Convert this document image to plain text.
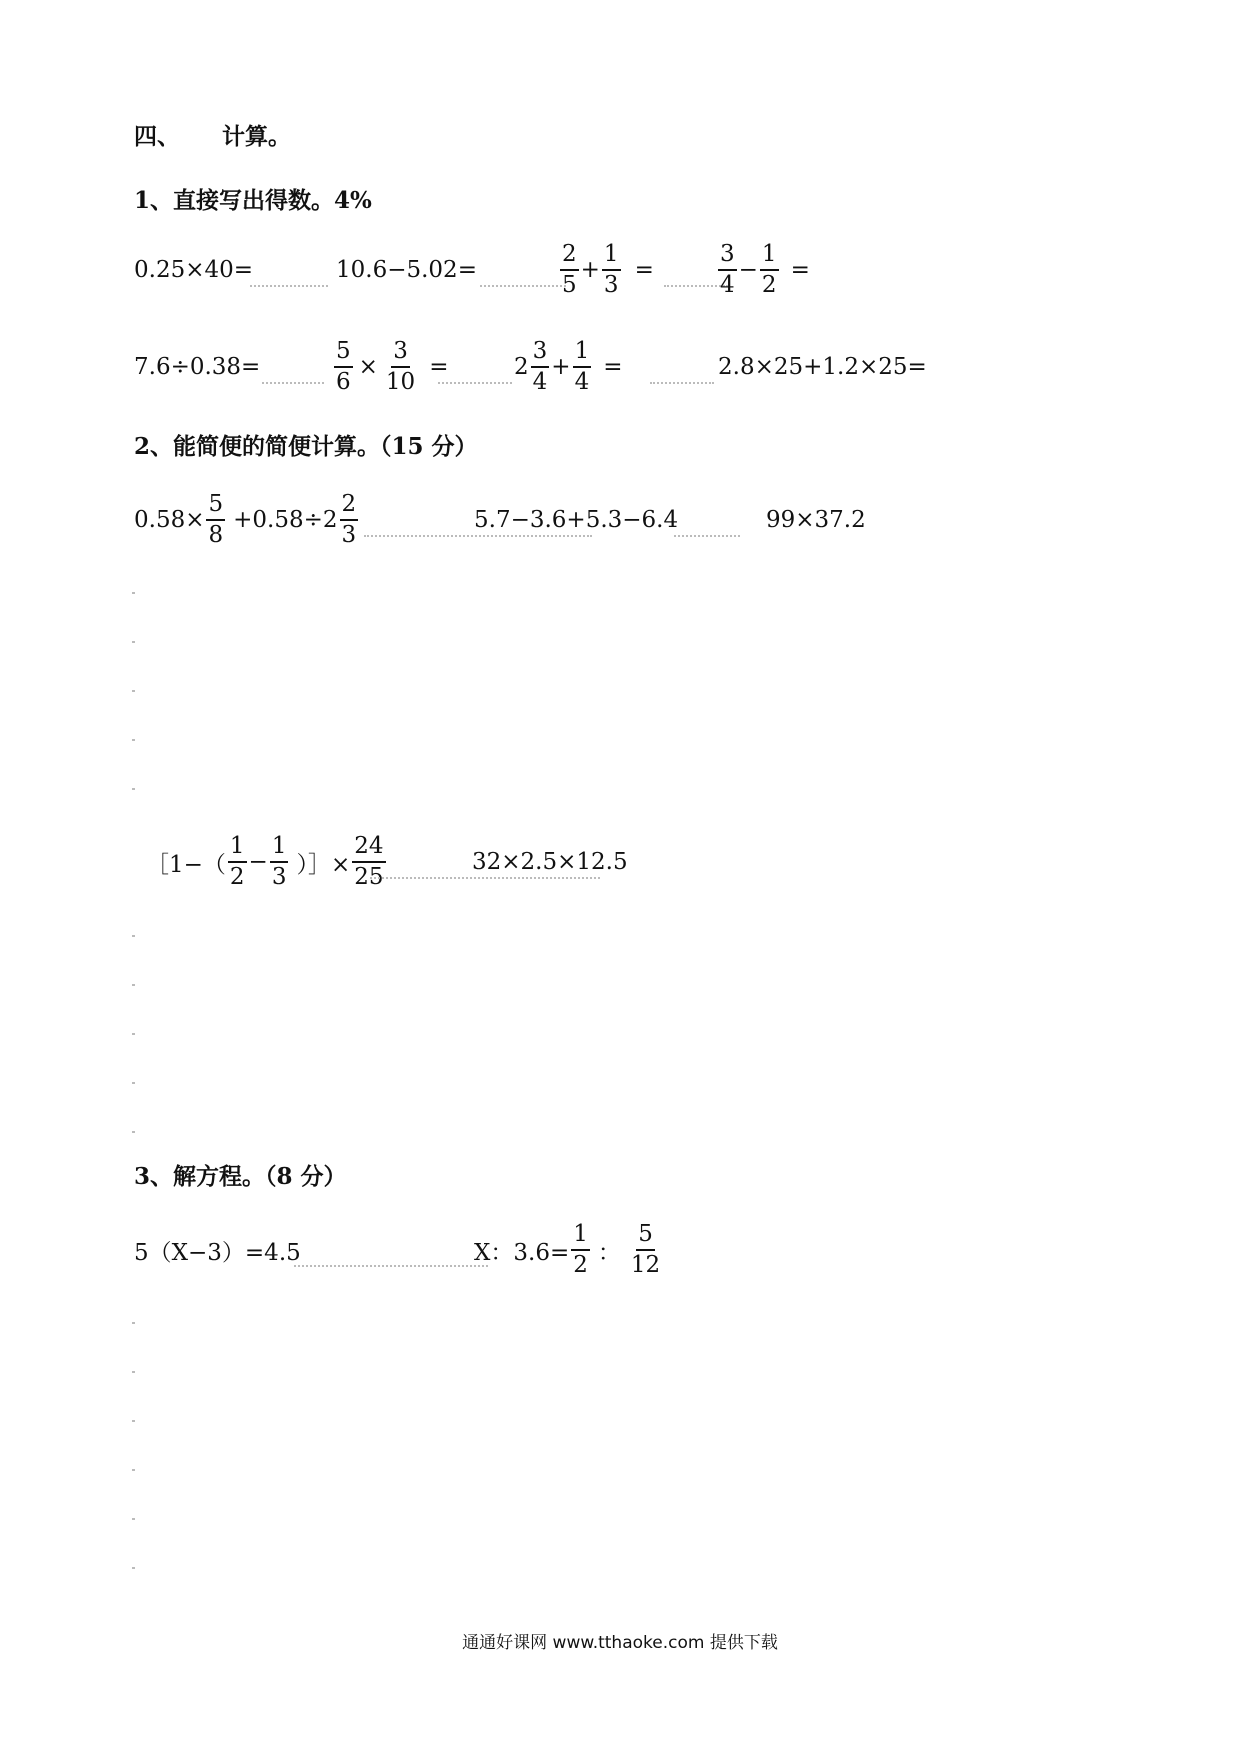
四、 计算。
1、直接写出得数。4%
0.25×40=	10.6−5.02=	$\frac{2}{5} + \frac{1}{3}$ =	$\frac{3}{4} - \frac{1}{2}$ =
7.6÷0.38=	$\frac{5}{6} \times \frac{3}{10}$ =	$2 \frac{3}{4} + \frac{1}{4}$ =	2.8×25+1.2×25=
2、能简便的简便计算。（15 分）
$0.58\times \frac{5}{8} +0.58\div 2 \frac{2}{3}$	5.7−3.6+5.3−6.4	99×37.2
［1−（ $\frac{1}{2} - \frac{1}{3}$ ）］× $\frac{24}{25}$	32×2.5×12.5
3、解方程。（8 分）
5（X−3）=4.5	X：$3.6= \frac{1}{2}$ ： $\frac{5}{12}$
通通好课网 www.tthaoke.com 提供下载
